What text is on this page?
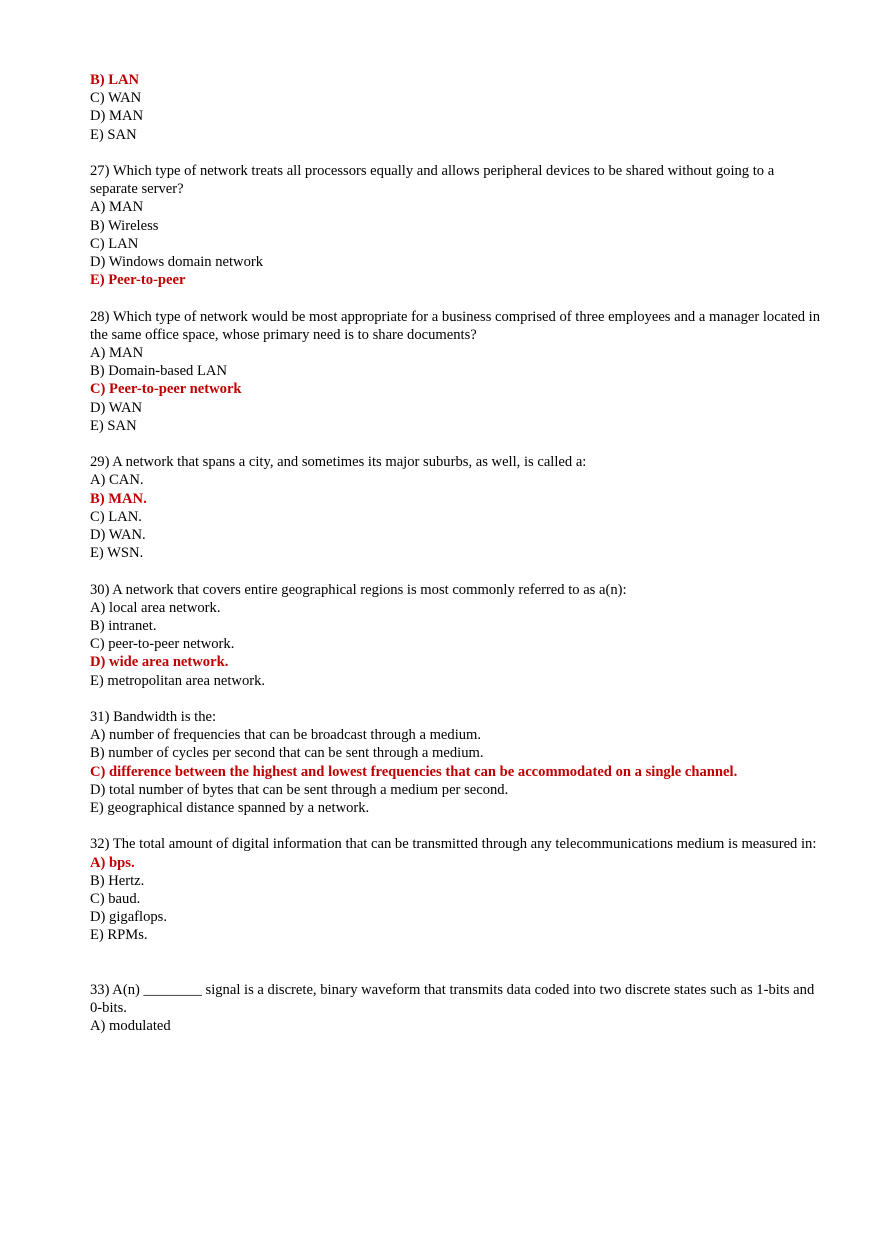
B) LAN

C) WAN

D) MAN

E) SAN

27) Which type of network treats all processors equally and allows peripheral devices to be shared without going to a separate server?

A) MAN

B) Wireless

C) LAN

D) Windows domain network

E) Peer-to-peer

28) Which type of network would be most appropriate for a business comprised of three employees and a manager located in the same office space, whose primary need is to share documents?

A) MAN

B) Domain-based LAN

C) Peer-to-peer network

D) WAN

E) SAN

29) A network that spans a city, and sometimes its major suburbs, as well, is called a:

A) CAN.

B) MAN.

C) LAN.

D) WAN.

E) WSN.

30) A network that covers entire geographical regions is most commonly referred to as a(n):

A) local area network.

B) intranet.

C) peer-to-peer network.

D) wide area network.

E) metropolitan area network.

31) Bandwidth is the:

A) number of frequencies that can be broadcast through a medium.

B) number of cycles per second that can be sent through a medium.

C) difference between the highest and lowest frequencies that can be accommodated on a single channel.

D) total number of bytes that can be sent through a medium per second.

E) geographical distance spanned by a network.

32) The total amount of digital information that can be transmitted through any telecommunications medium is measured in:

A) bps.

B) Hertz.

C) baud.

D) gigaflops.

E) RPMs.

33) A(n) ________ signal is a discrete, binary waveform that transmits data coded into two discrete states such as 1-bits and 0-bits.

A) modulated
